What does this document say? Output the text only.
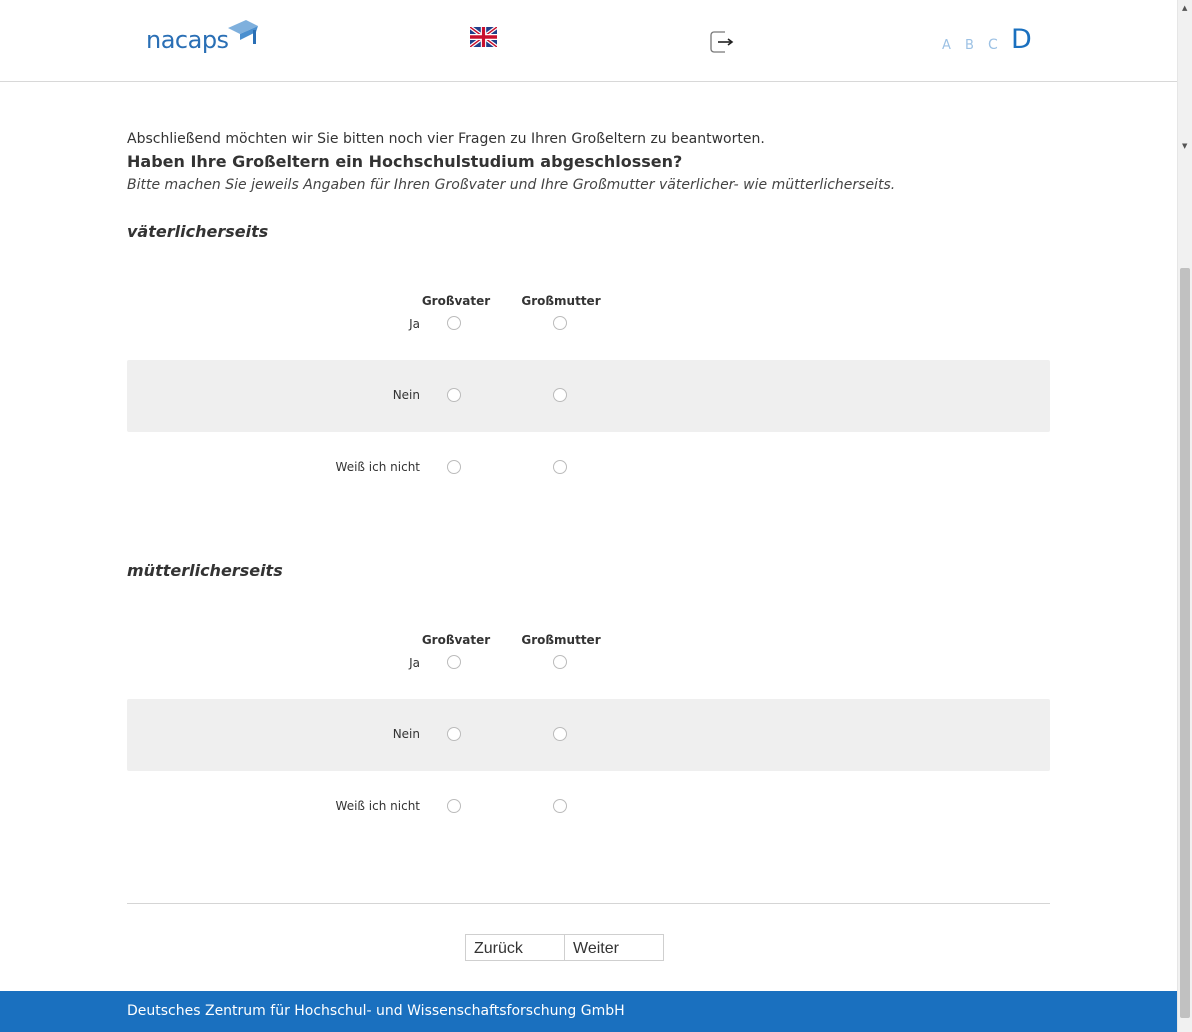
nacaps	A B C D
Abschließend möchten wir Sie bitten noch vier Fragen zu Ihren Großeltern zu beantworten.
Haben Ihre Großeltern ein Hochschulstudium abgeschlossen?
Bitte machen Sie jeweils Angaben für Ihren Großvater und Ihre Großmutter väterlicher- wie mütterlicherseits.
väterlicherseits
Großvater	Großmutter
Ja
Nein
Weiß ich nicht
mütterlicherseits
Großvater	Großmutter
Ja
Nein
Weiß ich nicht
Zurück	Weiter
Deutsches Zentrum für Hochschul- und Wissenschaftsforschung GmbH
▲
▼
